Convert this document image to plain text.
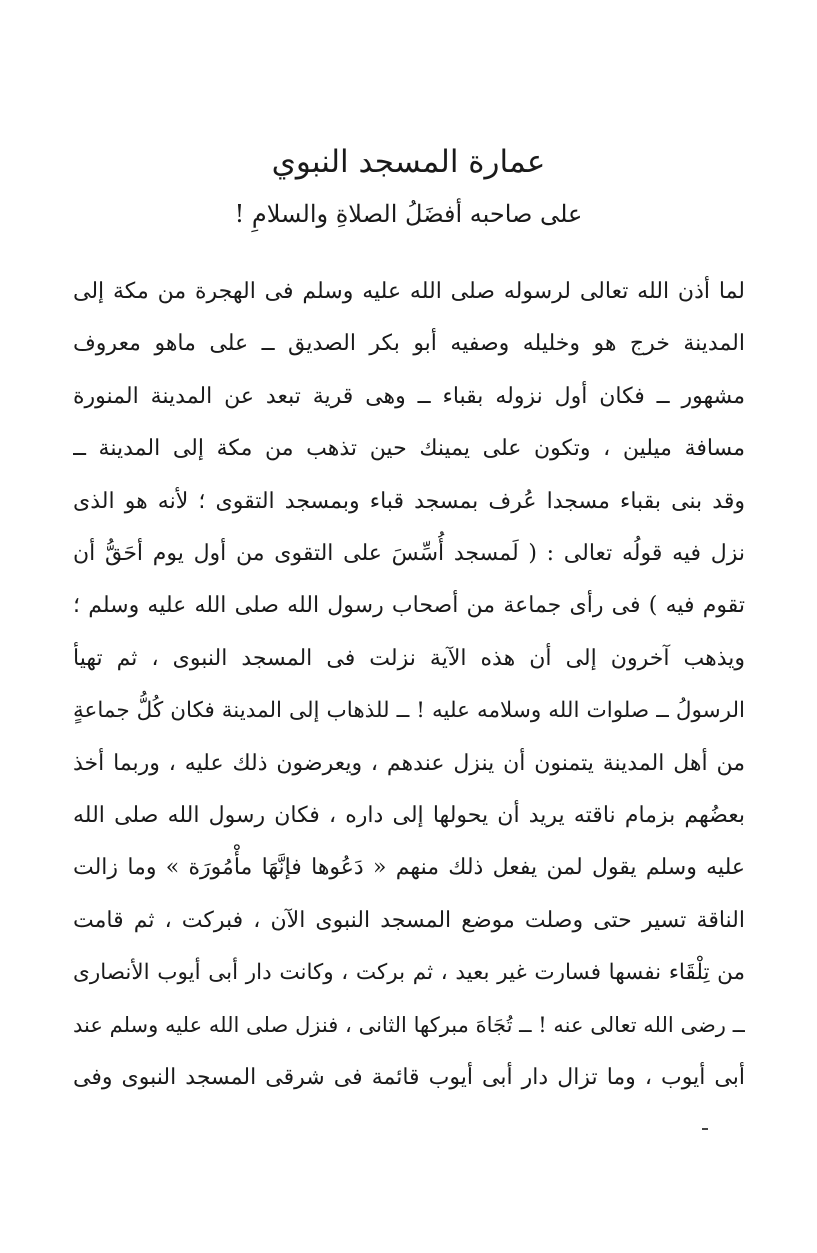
عمارة المسجد النبوي
على صاحبه أفضَلُ الصلاةِ والسلامِ !
لما أذن الله تعالى لرسوله صلى الله عليه وسلم فى الهجرة من مكة إلى
المدينة خرج هو وخليله وصفيه أبو بكر الصديق ــ على ماهو معروف
مشهور ــ فكان أول نزوله بقباء ــ وهى قرية تبعد عن المدينة المنورة
مسافة ميلين ، وتكون على يمينك حين تذهب من مكة إلى المدينة ــ
وقد بنى بقباء مسجدا عُرف بمسجد قباء وبمسجد التقوى ؛ لأنه هو الذى
نزل فيه قولُه تعالى : ( لَمسجد أُسِّسَ على التقوى من أول يوم أحَقُّ أن
تقوم فيه ) فى رأى جماعة من أصحاب رسول الله صلى الله عليه وسلم ؛
ويذهب آخرون إلى أن هذه الآية نزلت فى المسجد النبوى ، ثم تهيأ
الرسولُ ــ صلوات الله وسلامه عليه ! ــ للذهاب إلى المدينة فكان كُلُّ جماعةٍ
من أهل المدينة يتمنون أن ينزل عندهم ، ويعرضون ذلك عليه ، وربما أخذ
بعضُهم بزمام ناقته يريد أن يحولها إلى داره ، فكان رسول الله صلى الله
عليه وسلم يقول لمن يفعل ذلك منهم « دَعُوها فإنَّهَا مأْمُورَة » وما زالت
الناقة تسير حتى وصلت موضع المسجد النبوى الآن ، فبركت ، ثم قامت
من تِلْقَاء نفسها فسارت غير بعيد ، ثم بركت ، وكانت دار أبى أيوب الأنصارى
ــ رضى الله تعالى عنه ! ــ تُجَاهَ مبركها الثانى ، فنزل صلى الله عليه وسلم عند
أبى أيوب ، وما تزال دار أبى أيوب قائمة فى شرقى المسجد النبوى وفى
